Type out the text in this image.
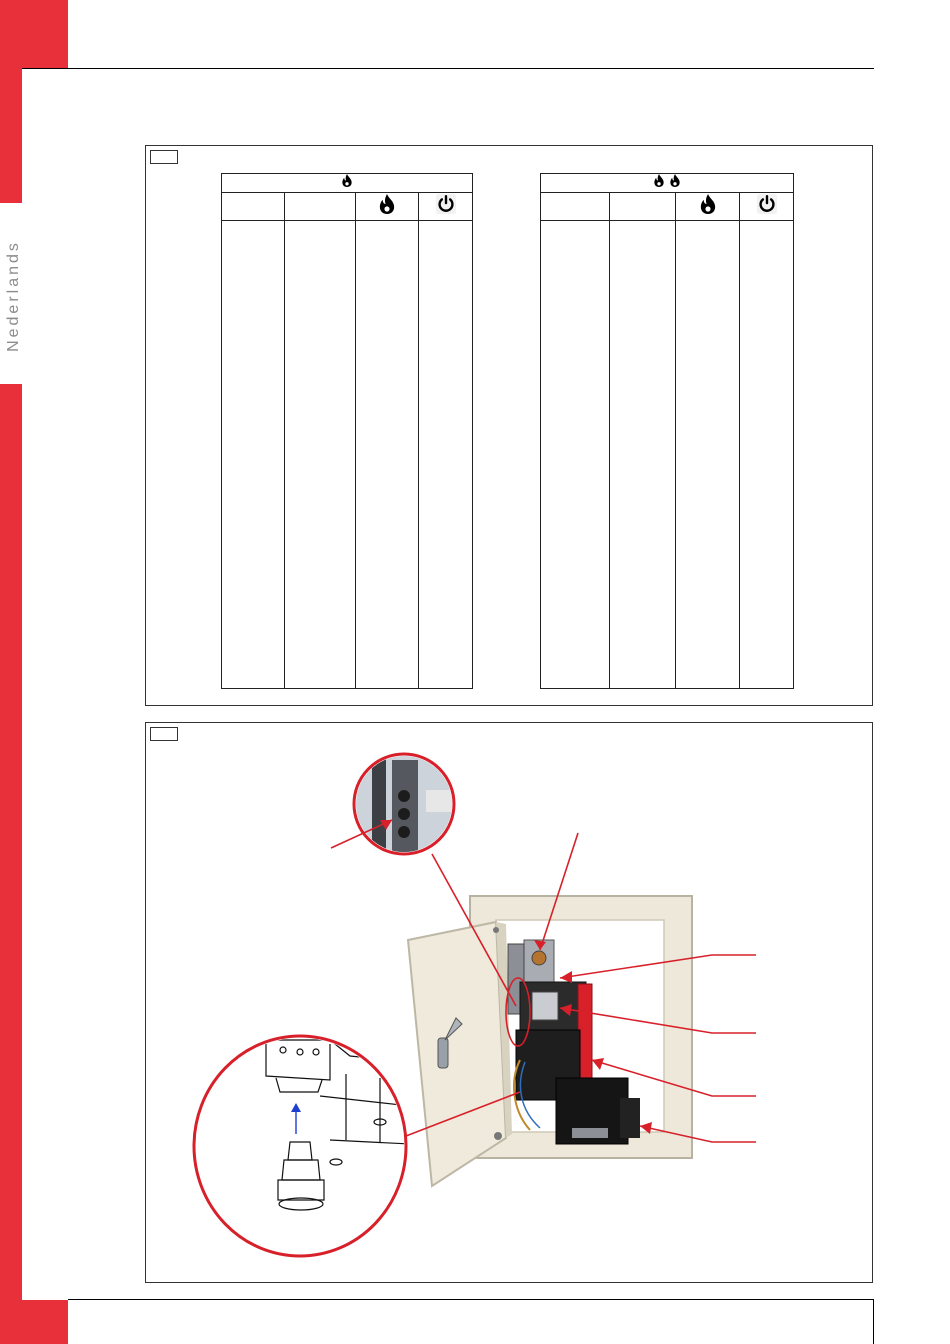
Nederlands
